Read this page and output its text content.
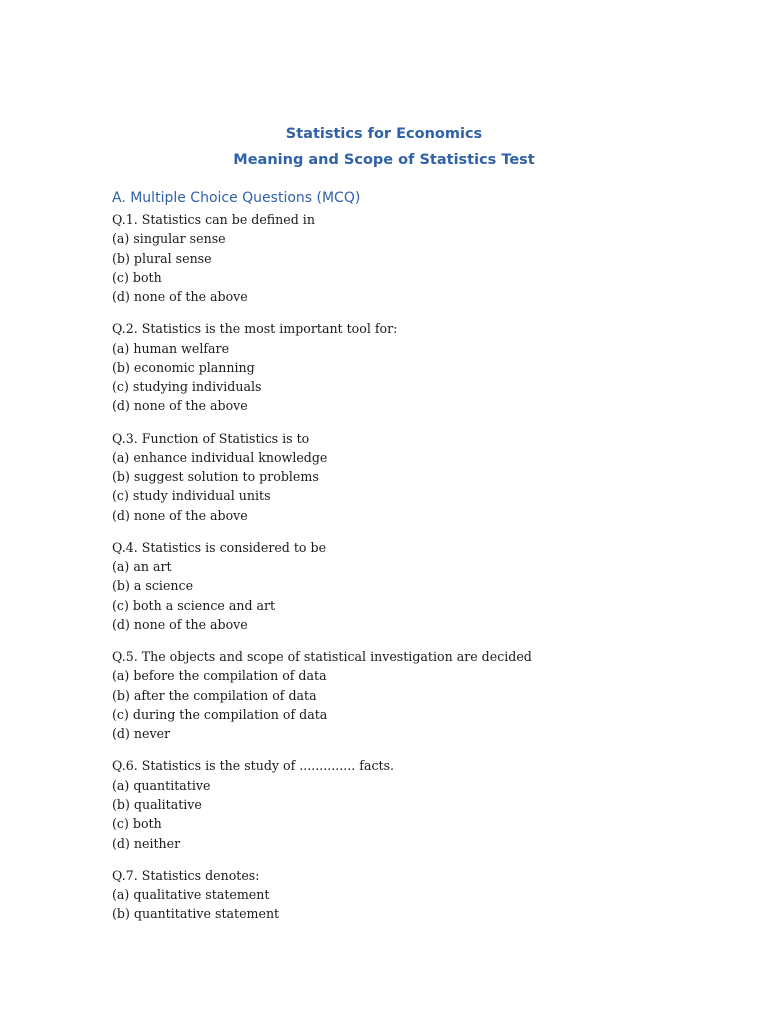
Statistics for Economics
Meaning and Scope of Statistics Test
A. Multiple Choice Questions (MCQ)
Q.1. Statistics can be defined in
(a) singular sense
(b) plural sense
(c) both
(d) none of the above
Q.2. Statistics is the most important tool for:
(a) human welfare
(b) economic planning
(c) studying individuals
(d) none of the above
Q.3. Function of Statistics is to
(a) enhance individual knowledge
(b) suggest solution to problems
(c) study individual units
(d) none of the above
Q.4. Statistics is considered to be
(a) an art
(b) a science
(c) both a science and art
(d) none of the above
Q.5. The objects and scope of statistical investigation are decided
(a) before the compilation of data
(b) after the compilation of data
(c) during the compilation of data
(d) never
Q.6. Statistics is the study of .............. facts.
(a) quantitative
(b) qualitative
(c) both
(d) neither
Q.7. Statistics denotes:
(a) qualitative statement
(b) quantitative statement
